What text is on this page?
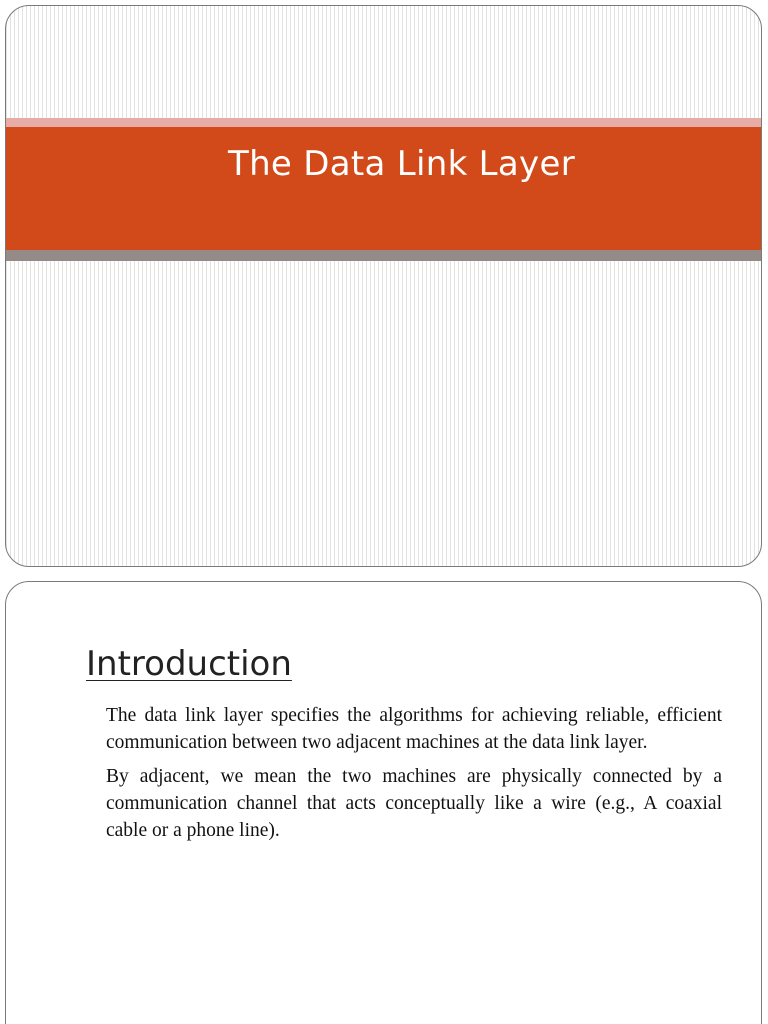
The Data Link Layer
Introduction

The data link layer specifies the algorithms for achieving reliable, efficient communication between two adjacent machines at the data link layer.

By adjacent, we mean the two machines are physically connected by a communication channel that acts conceptually like a wire (e.g., A coaxial cable or a phone line).
